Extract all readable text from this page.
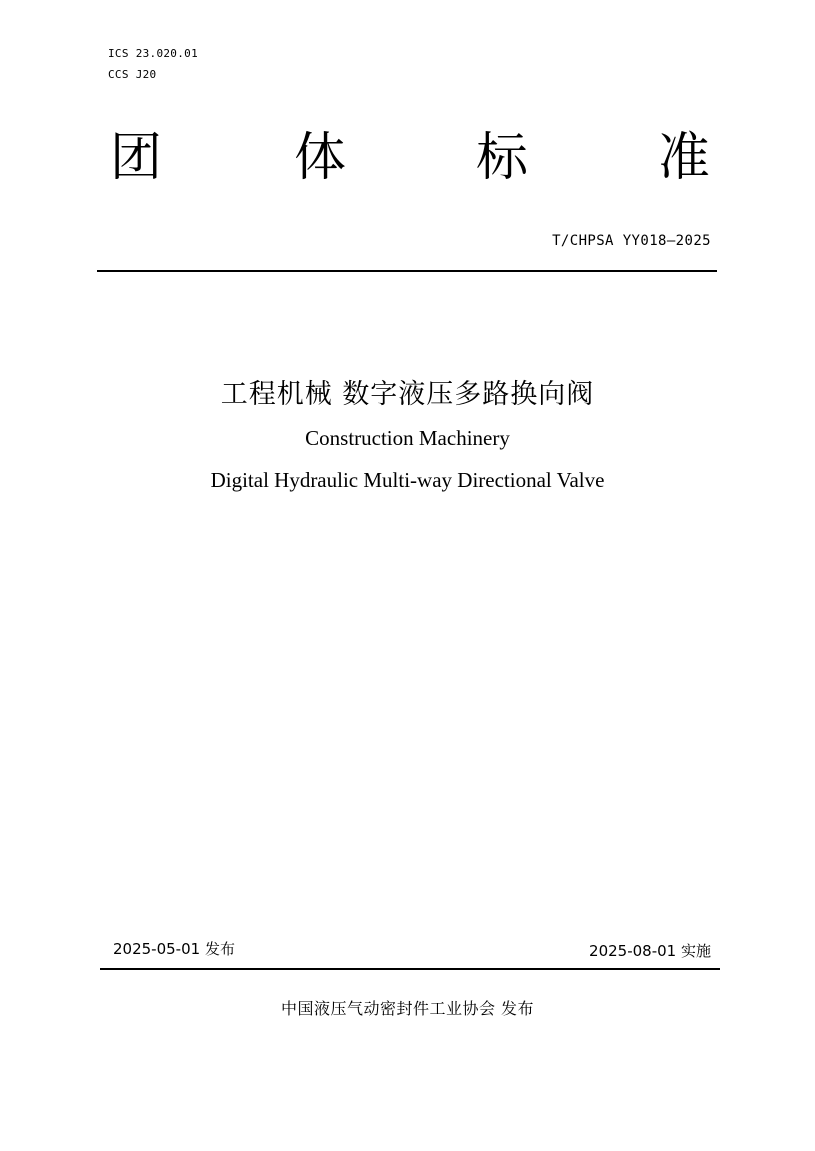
ICS 23.020.01
CCS J20
团	体 标 准
T/CHPSA YY018—2025
工程机械 数字液压多路换向阀
Construction Machinery
Digital Hydraulic Multi-way Directional Valve
2025-05-01 发布	2025-08-01 实施
中国液压气动密封件工业协会 发布
